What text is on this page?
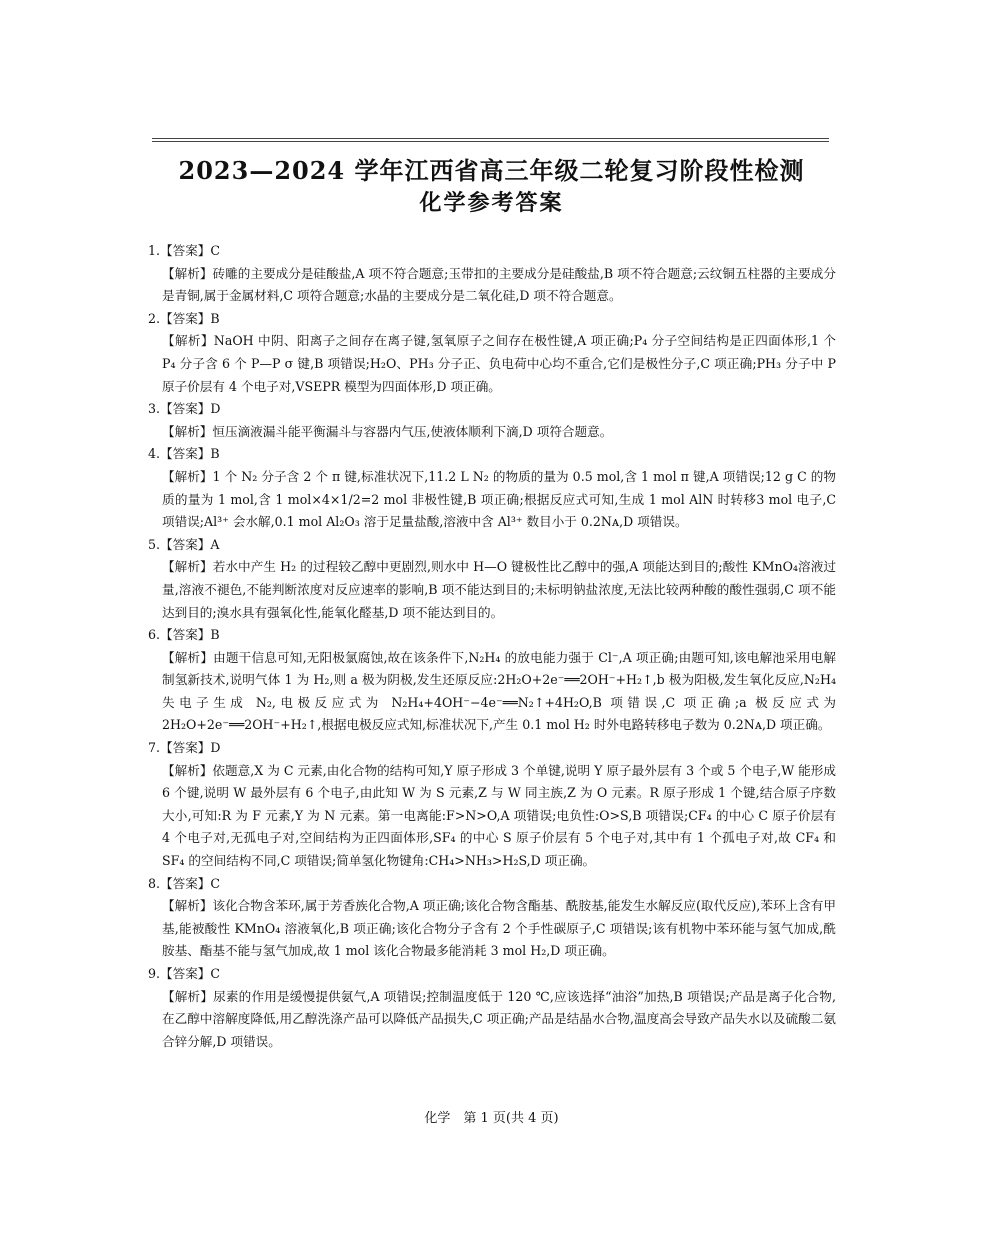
2023—2024 学年江西省高三年级二轮复习阶段性检测
化学参考答案

1.【答案】C

【解析】砖雕的主要成分是硅酸盐,A 项不符合题意;玉带扣的主要成分是硅酸盐,B 项不符合题意;云纹铜五柱器的主要成分是青铜,属于金属材料,C 项符合题意;水晶的主要成分是二氧化硅,D 项不符合题意。

2.【答案】B

【解析】NaOH 中阴、阳离子之间存在离子键,氢氧原子之间存在极性键,A 项正确;P₄ 分子空间结构是正四面体形,1 个 P₄ 分子含 6 个 P—P σ 键,B 项错误;H₂O、PH₃ 分子正、负电荷中心均不重合,它们是极性分子,C 项正确;PH₃ 分子中 P 原子价层有 4 个电子对,VSEPR 模型为四面体形,D 项正确。

3.【答案】D

【解析】恒压滴液漏斗能平衡漏斗与容器内气压,使液体顺利下滴,D 项符合题意。

4.【答案】B

【解析】1 个 N₂ 分子含 2 个 π 键,标准状况下,11.2 L N₂ 的物质的量为 0.5 mol,含 1 mol π 键,A 项错误;12 g C 的物质的量为 1 mol,含 1 mol×4×1/2=2 mol 非极性键,B 项正确;根据反应式可知,生成 1 mol AlN 时转移3 mol 电子,C 项错误;Al³⁺ 会水解,0.1 mol Al₂O₃ 溶于足量盐酸,溶液中含 Al³⁺ 数目小于 0.2Nᴀ,D 项错误。

5.【答案】A

【解析】若水中产生 H₂ 的过程较乙醇中更剧烈,则水中 H—O 键极性比乙醇中的强,A 项能达到目的;酸性 KMnO₄溶液过量,溶液不褪色,不能判断浓度对反应速率的影响,B 项不能达到目的;未标明钠盐浓度,无法比较两种酸的酸性强弱,C 项不能达到目的;溴水具有强氧化性,能氧化醛基,D 项不能达到目的。

6.【答案】B

【解析】由题干信息可知,无阳极氯腐蚀,故在该条件下,N₂H₄ 的放电能力强于 Cl⁻,A 项正确;由题可知,该电解池采用电解制氢新技术,说明气体 1 为 H₂,则 a 极为阴极,发生还原反应:2H₂O+2e⁻══2OH⁻+H₂↑,b 极为阳极,发生氧化反应,N₂H₄ 失电子生成 N₂,电极反应式为 N₂H₄+4OH⁻−4e⁻══N₂↑+4H₂O,B 项错误,C 项正确;a 极反应式为 2H₂O+2e⁻══2OH⁻+H₂↑,根据电极反应式知,标准状况下,产生 0.1 mol H₂ 时外电路转移电子数为 0.2Nᴀ,D 项正确。

7.【答案】D

【解析】依题意,X 为 C 元素,由化合物的结构可知,Y 原子形成 3 个单键,说明 Y 原子最外层有 3 个或 5 个电子,W 能形成 6 个键,说明 W 最外层有 6 个电子,由此知 W 为 S 元素,Z 与 W 同主族,Z 为 O 元素。R 原子形成 1 个键,结合原子序数大小,可知:R 为 F 元素,Y 为 N 元素。第一电离能:F>N>O,A 项错误;电负性:O>S,B 项错误;CF₄ 的中心 C 原子价层有 4 个电子对,无孤电子对,空间结构为正四面体形,SF₄ 的中心 S 原子价层有 5 个电子对,其中有 1 个孤电子对,故 CF₄ 和 SF₄ 的空间结构不同,C 项错误;简单氢化物键角:CH₄>NH₃>H₂S,D 项正确。

8.【答案】C

【解析】该化合物含苯环,属于芳香族化合物,A 项正确;该化合物含酯基、酰胺基,能发生水解反应(取代反应),苯环上含有甲基,能被酸性 KMnO₄ 溶液氧化,B 项正确;该化合物分子含有 2 个手性碳原子,C 项错误;该有机物中苯环能与氢气加成,酰胺基、酯基不能与氢气加成,故 1 mol 该化合物最多能消耗 3 mol H₂,D 项正确。

9.【答案】C

【解析】尿素的作用是缓慢提供氨气,A 项错误;控制温度低于 120 ℃,应该选择“油浴”加热,B 项错误;产品是离子化合物,在乙醇中溶解度降低,用乙醇洗涤产品可以降低产品损失,C 项正确;产品是结晶水合物,温度高会导致产品失水以及硫酸二氨合锌分解,D 项错误。

化学　第 1 页(共 4 页)
